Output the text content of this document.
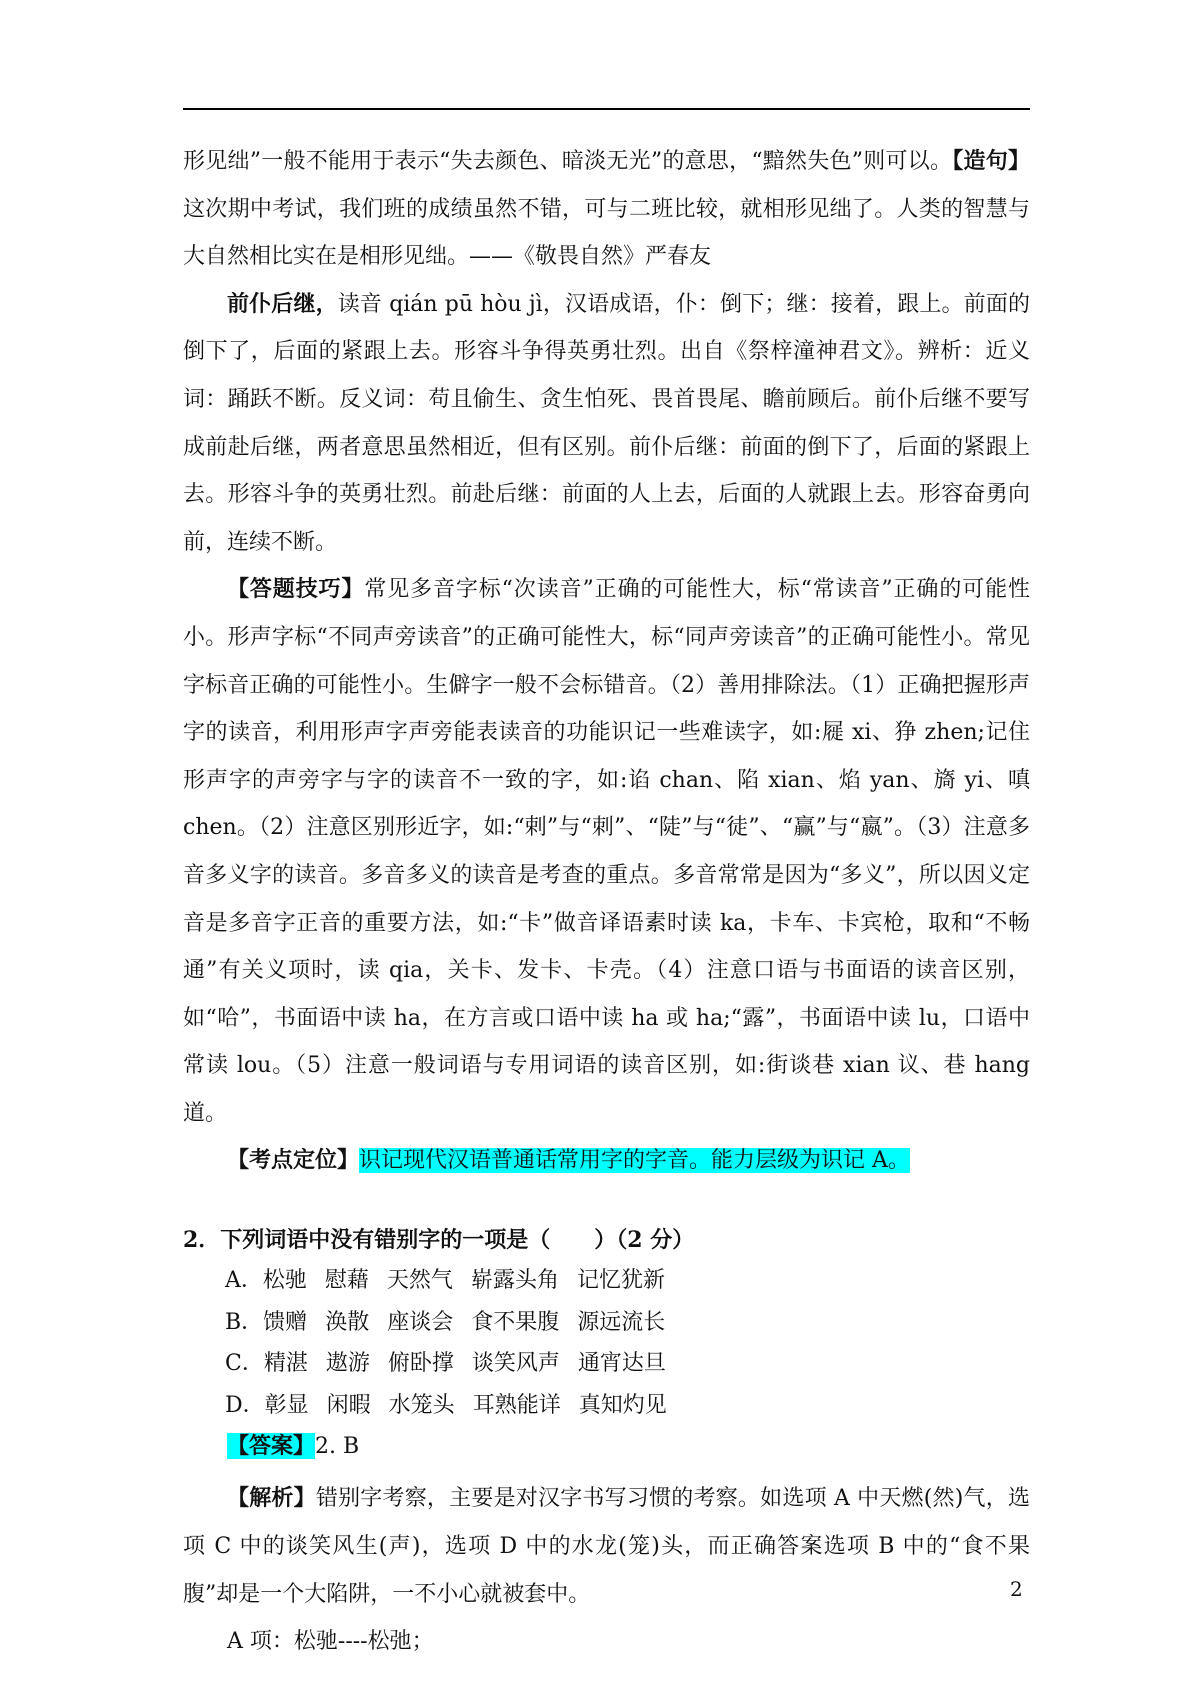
形见绌”一般不能用于表示“失去颜色、暗淡无光”的意思，“黯然失色”则可以。【造句】这次期中考试，我们班的成绩虽然不错，可与二班比较，就相形见绌了。人类的智慧与大自然相比实在是相形见绌。——《敬畏自然》严春友

前仆后继，读音 qián pū hòu jì，汉语成语，仆：倒下；继：接着，跟上。前面的倒下了，后面的紧跟上去。形容斗争得英勇壮烈。出自《祭梓潼神君文》。辨析：近义词：踊跃不断。反义词：苟且偷生、贪生怕死、畏首畏尾、瞻前顾后。前仆后继不要写成前赴后继，两者意思虽然相近，但有区别。前仆后继：前面的倒下了，后面的紧跟上去。形容斗争的英勇壮烈。前赴后继：前面的人上去，后面的人就跟上去。形容奋勇向前，连续不断。

【答题技巧】常见多音字标“次读音”正确的可能性大，标“常读音”正确的可能性小。形声字标“不同声旁读音”的正确可能性大，标“同声旁读音”的正确可能性小。常见字标音正确的可能性小。生僻字一般不会标错音。（2）善用排除法。（1）正确把握形声字的读音，利用形声字声旁能表读音的功能识记一些难读字，如:屣 xi、狰 zhen;记住形声字的声旁字与字的读音不一致的字，如:谄 chan、陷 xian、焰 yan、旖 yi、嗔 chen。（2）注意区别形近字，如:“剌”与“刺”、“陡”与“徒”、“赢”与“嬴”。（3）注意多音多义字的读音。多音多义的读音是考查的重点。多音常常是因为“多义”，所以因义定音是多音字正音的重要方法，如:“卡”做音译语素时读 ka，卡车、卡宾枪，取和“不畅通”有关义项时，读 qia，关卡、发卡、卡壳。（4）注意口语与书面语的读音区别，如“哈”，书面语中读 ha，在方言或口语中读 ha 或 ha;“露”，书面语中读 lu，口语中常读 lou。（5）注意一般词语与专用词语的读音区别，如:街谈巷 xian 议、巷 hang 道。

【考点定位】识记现代汉语普通话常用字的字音。能力层级为识记 A。

2．下列词语中没有错别字的一项是（　　）（2 分）

A．松驰 慰藉 天然气 崭露头角 记忆犹新
B．馈赠 涣散 座谈会 食不果腹 源远流长
C．精湛 遨游 俯卧撑 谈笑风声 通宵达旦
D．彰显 闲暇 水笼头 耳熟能详 真知灼见

【答案】2. B

【解析】错别字考察，主要是对汉字书写习惯的考察。如选项 A 中天燃(然)气，选项 C 中的谈笑风生(声)，选项 D 中的水龙(笼)头，而正确答案选项 B 中的“食不果腹”却是一个大陷阱，一不小心就被套中。

A 项：松驰----松弛；

2
